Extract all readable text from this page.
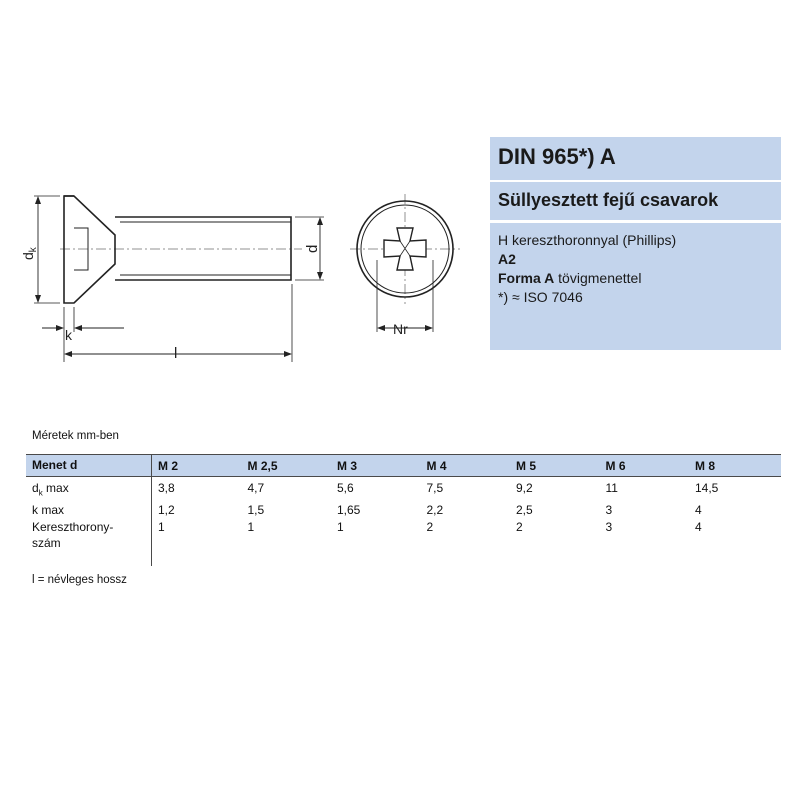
$d_k$	d
k
l
Nr
DIN 965*) A
Süllyesztett fejű csavarok
H kereszthoronnyal (Phillips)
A2
Forma A tövigmenettel
*) ≈ ISO 7046
Méretek mm-ben
Menet d	M 2	M 2,5	M 3	M 4	M 5	M 6	M 8
$d_k$ max	3,8	4,7	5,6	7,5	9,2	11	14,5
k max	1,2	1,5	1,65	2,2	2,5	3	4
Kereszthorony-
szám
1	1	1	2	2	3	4
l = névleges hossz
